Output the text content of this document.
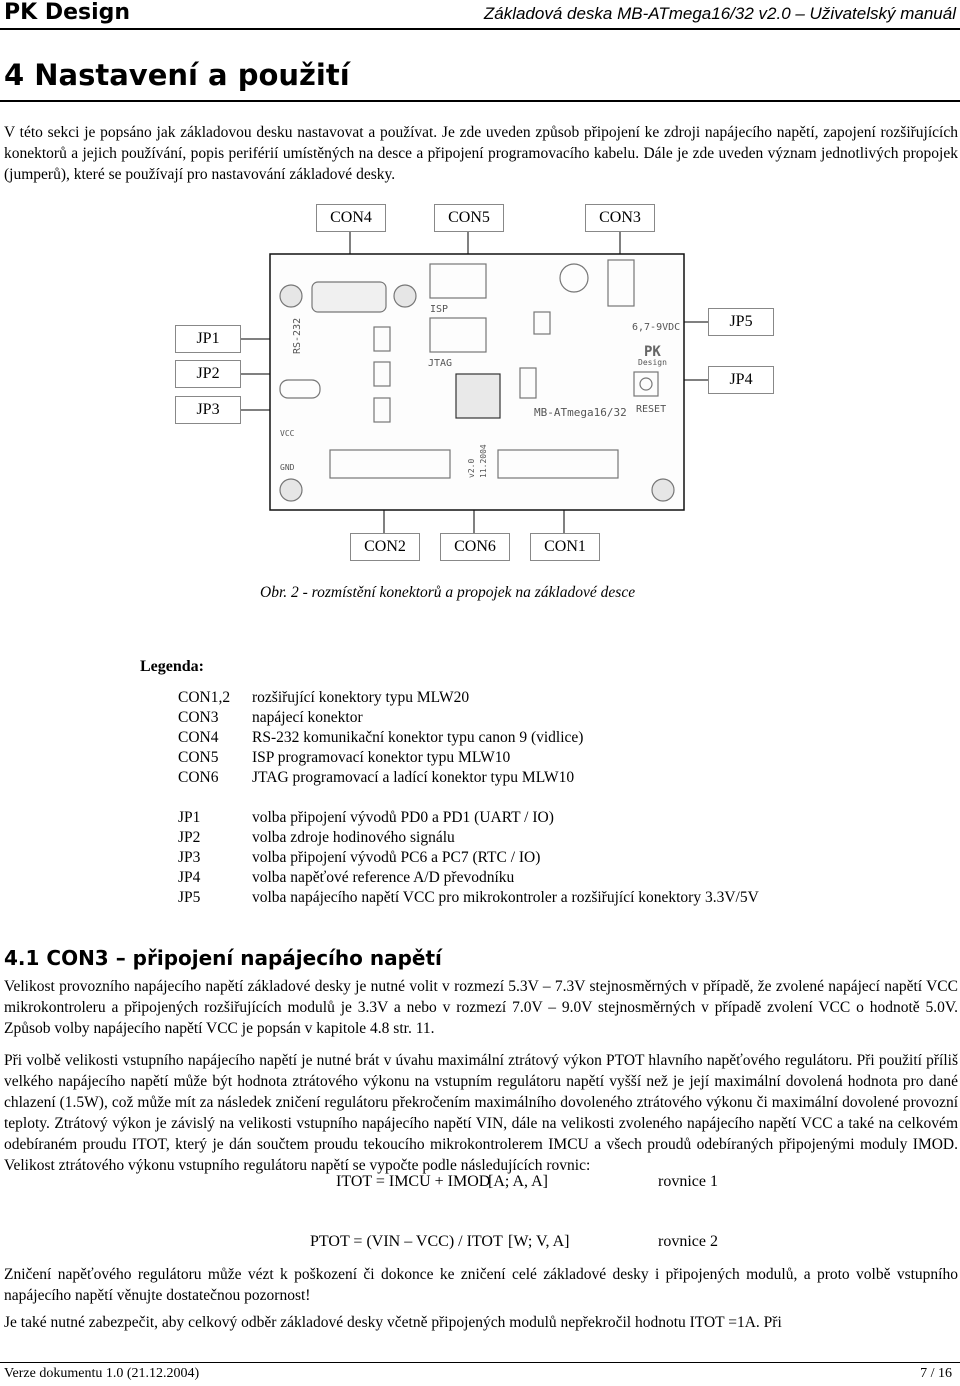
PK Design	Základová deska MB-ATmega16/32 v2.0 – Uživatelský manuál
4 Nastavení a použití

V této sekci je popsáno jak základovou desku nastavovat a používat. Je zde uveden způsob připojení ke zdroji napájecího napětí, zapojení rozšiřujících konektorů a jejich používání, popis periférií umístěných na desce a připojení programovacího kabelu. Dále je zde uveden význam jednotlivých propojek (jumperů), které se používají pro nastavování základové desky.

CON4	CON5	CON3
JP1
JP2
JP3
JP5
JP4
CON2	CON6	CON1
ISP
JTAG
RS-232	6,7-9VDC
PK
Design
MB-ATmega16/32 RESET
v2.0 11.2004
VCC
GND
Obr. 2 - rozmístění konektorů a propojek na základové desce
Legenda:
CON1,2 rozšiřující konektory typu MLW20
CON3 napájecí konektor
CON4 RS-232 komunikační konektor typu canon 9 (vidlice)
CON5 ISP programovací konektor typu MLW10
CON6 JTAG programovací a ladící konektor typu MLW10
JP1	volba připojení vývodů PD0 a PD1 (UART / IO)
JP2	volba zdroje hodinového signálu
JP3	volba připojení vývodů PC6 a PC7 (RTC / IO)
JP4	volba napěťové reference A/D převodníku
JP5	volba napájecího napětí VCC pro mikrokontroler a rozšiřující konektory 3.3V/5V
4.1 CON3 – připojení napájecího napětí

Velikost provozního napájecího napětí základové desky je nutné volit v rozmezí 5.3V – 7.3V stejnosměrných v případě, že zvolené napájecí napětí VCC mikrokontroleru a připojených rozšiřujících modulů je 3.3V a nebo v rozmezí 7.0V – 9.0V stejnosměrných v případě zvolení VCC o hodnotě 5.0V. Způsob volby napájecího napětí VCC je popsán v kapitole 4.8 str. 11.

Při volbě velikosti vstupního napájecího napětí je nutné brát v úvahu maximální ztrátový výkon PTOT hlavního napěťového regulátoru. Při použití příliš velkého napájecího napětí může být hodnota ztrátového výkonu na vstupním regulátoru napětí vyšší než je její maximální dovolená hodnota pro dané chlazení (1.5W), což může mít za následek zničení regulátoru překročením maximálního dovoleného ztrátového výkonu či maximální dovolené provozní teploty. Ztrátový výkon je závislý na velikosti vstupního napájecího napětí VIN, dále na velikosti zvoleného napájecího napětí VCC a také na celkovém odebíraném proudu ITOT, který je dán součtem proudu tekoucího mikrokontrolerem IMCU a všech proudů odebíraných připojenými moduly IMOD. Velikost ztrátového výkonu vstupního regulátoru napětí se vypočte podle následujících rovnic:

ITOT = IMCU + IMOD
[A; A, A]	rovnice 1
PTOT = (VIN – VCC) / ITOT [W; V, A]	rovnice 2

Zničení napěťového regulátoru může vézt k poškození či dokonce ke zničení celé základové desky i připojených modulů, a proto volbě vstupního napájecího napětí věnujte dostatečnou pozornost!

Je také nutné zabezpečit, aby celkový odběr základové desky včetně připojených modulů nepřekročil hodnotu ITOT =1A. Při

Verze dokumentu 1.0 (21.12.2004)	7 / 16
